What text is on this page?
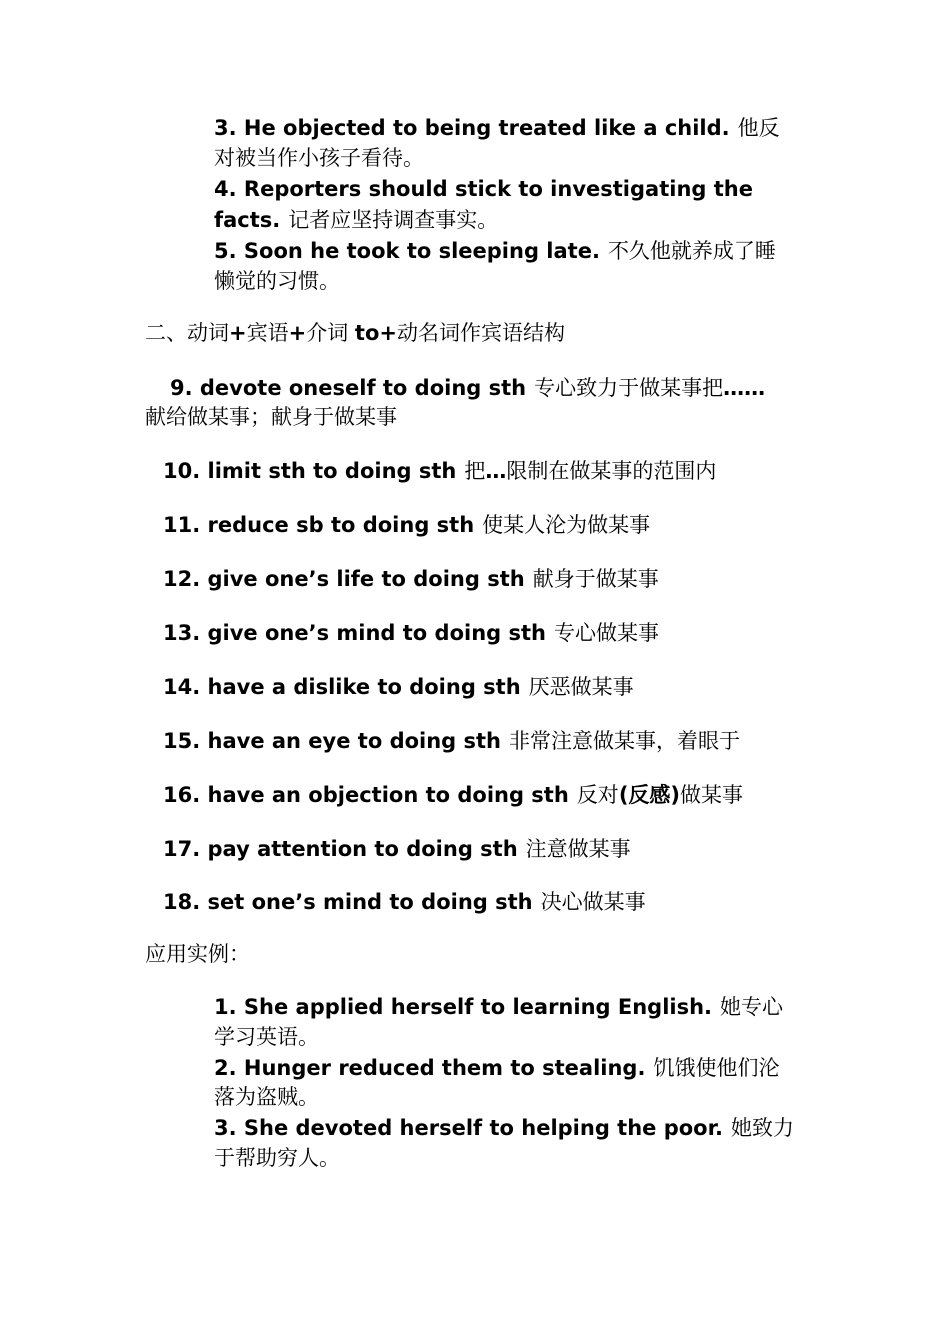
3. He objected to being treated like a child. 他反
对被当作小孩子看待。
4. Reporters should stick to investigating the
facts. 记者应坚持调查事实。
5. Soon he took to sleeping late. 不久他就养成了睡
懒觉的习惯。
二、动词+宾语+介词 to+动名词作宾语结构
9. devote oneself to doing sth 专心致力于做某事把……
献给做某事；献身于做某事
10. limit sth to doing sth 把…限制在做某事的范围内
11. reduce sb to doing sth 使某人沦为做某事
12. give one’s life to doing sth 献身于做某事
13. give one’s mind to doing sth 专心做某事
14. have a dislike to doing sth 厌恶做某事
15. have an eye to doing sth 非常注意做某事，着眼于
16. have an objection to doing sth 反对(反感)做某事
17. pay attention to doing sth 注意做某事
18. set one’s mind to doing sth 决心做某事
应用实例：
1. She applied herself to learning English. 她专心
学习英语。
2. Hunger reduced them to stealing. 饥饿使他们沦
落为盗贼。
3. She devoted herself to helping the poor. 她致力
于帮助穷人。
